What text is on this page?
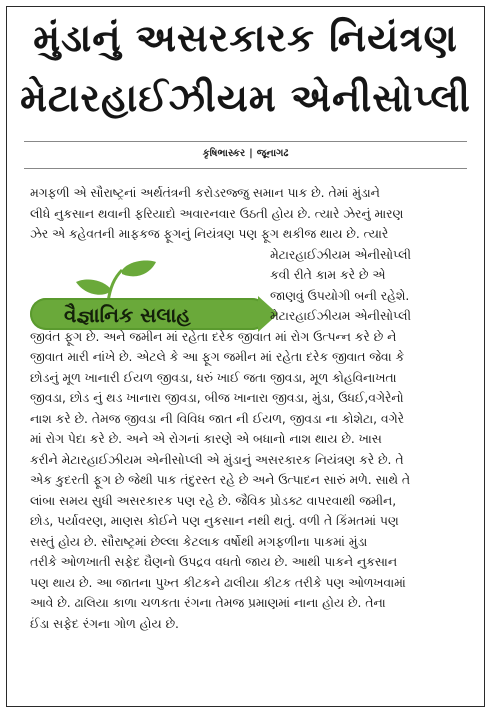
મુંડાનું અસરકારક નિયંત્રણ
મેટારહાઈઝીયમ એનીસોપ્લી
કૃષિભાસ્કર | જૂનાગઢ
વૈજ્ઞાનિક સલાહ
મગફળી એ સૌરાષ્ટ્રનાં અર્થતંત્રની કરોડરજ્જુ સમાન પાક છે. તેમાં મુંડાને
લીધે નુકસાન થવાની ફરિયાદો અવારનવાર ઉઠતી હોય છે. ત્યારે ઝેરનું મારણ
ઝેર એ કહેવતની માફકજ ફૂગનું નિયંત્રણ પણ ફૂગ થકીજ થાય છે. ત્યારે
મેટારહાઈઝીયમ એનીસોપ્લી
કવી રીતે કામ કરે છે એ
જાણવું ઉપયોગી બની રહેશે.
મેટારહાઈઝીયમ એનીસોપ્લી
જીવંત ફૂગ છે. અને જમીન માં રહેતા દરેક જીવાત માં રોગ ઉત્પન્ન કરે છે ને
જીવાત મારી નાંખે છે. એટલે કે આ ફૂગ જમીન માં રહેતા દરેક જીવાત જેવા કે
છોડનું મૂળ ખાનારી ઈયળ જીવડા, ધરું ખાઈ જતા જીવડા, મૂળ કોહવિનાખતા
જીવડા, છોડ નું થડ ખાનારા જીવડા, બીજ ખાનારા જીવડા, મુંડા, ઉધઈ,વગેરેનો
નાશ કરે છે. તેમજ જીવડા ની વિવિધ જાત ની ઈયળ, જીવડા ના કોશેટા, વગેરે
માં રોગ પેદા કરે છે. અને એ રોગનાં કારણે એ બધાનો નાશ થાય છે. ખાસ
કરીને મેટારહાઈઝીયમ એનીસોપ્લી એ મુંડાનું અસરકારક નિયંત્રણ કરે છે. તે
એક કુદરતી ફૂગ છે જેથી પાક તંદુરસ્ત રહે છે અને ઉત્પાદન સારું મળે. સાથે તે
લાંબા સમય સુધી અસરકારક પણ રહે છે. જૈવિક પ્રોડક્ટ વાપરવાથી જમીન,
છોડ, પર્યાવરણ, માણસ કોઈને પણ નુકસાન નથી થતું. વળી તે કિંમતમાં પણ
સસ્તું હોય છે. સૌરાષ્ટ્રમાં છેલ્લા કેટલાક વર્ષોથી મગફળીના પાકમાં મુંડા
તરીકે ઓળખાતી સફેદ ઘૈણનો ઉપદ્રવ વધતો જાય છે. આથી પાકને નુકસાન
પણ થાય છે. આ જાતના પુખ્ત કીટકને ઢાલીયા કીટક તરીકે પણ ઓળખવામાં
આવે છે. ઢાલિયા કાળા ચળકતા રંગના તેમજ પ્રમાણમાં નાના હોય છે. તેના
ઈંડા સફેદ રંગના ગોળ હોય છે.
